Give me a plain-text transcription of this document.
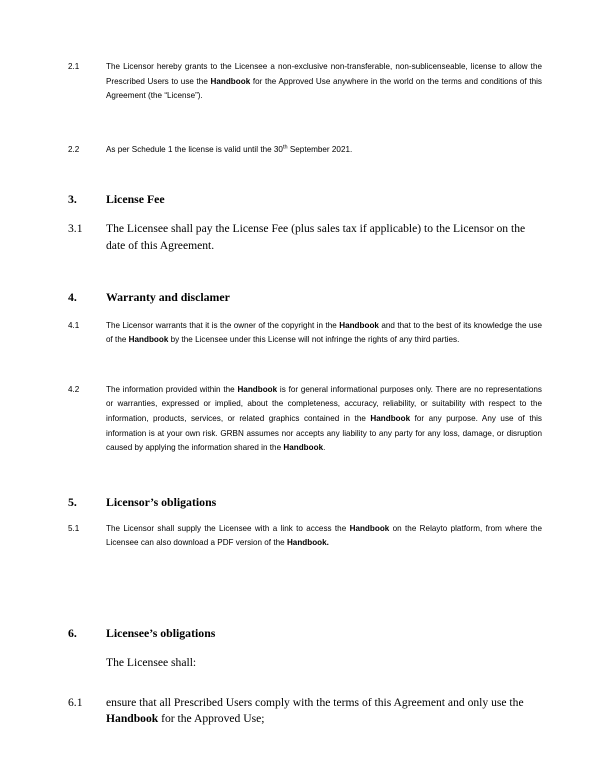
2.1	The Licensor hereby grants to the Licensee a non-exclusive non-transferable, non-sublicenseable, license to allow the Prescribed Users to use the Handbook for the Approved Use anywhere in the world on the terms and conditions of this Agreement (the “License”).
2.2	As per Schedule 1 the license is valid until the 30th September 2021.
3.	License Fee
3.1	The Licensee shall pay the License Fee (plus sales tax if applicable) to the Licensor on the date of this Agreement.
4.	Warranty and disclamer
4.1	The Licensor warrants that it is the owner of the copyright in the Handbook and that to the best of its knowledge the use of the Handbook by the Licensee under this License will not infringe the rights of any third parties.
4.2	The information provided within the Handbook is for general informational purposes only. There are no representations or warranties, expressed or implied, about the completeness, accuracy, reliability, or suitability with respect to the information, products, services, or related graphics contained in the Handbook for any purpose. Any use of this information is at your own risk. GRBN assumes nor accepts any liability to any party for any loss, damage, or disruption caused by applying the information shared in the Handbook.
5.	Licensor’s obligations
5.1	The Licensor shall supply the Licensee with a link to access the Handbook on the Relayto platform, from where the Licensee can also download a PDF version of the Handbook.
6.	Licensee’s obligations
The Licensee shall:
6.1	ensure that all Prescribed Users comply with the terms of this Agreement and only use the Handbook for the Approved Use;
